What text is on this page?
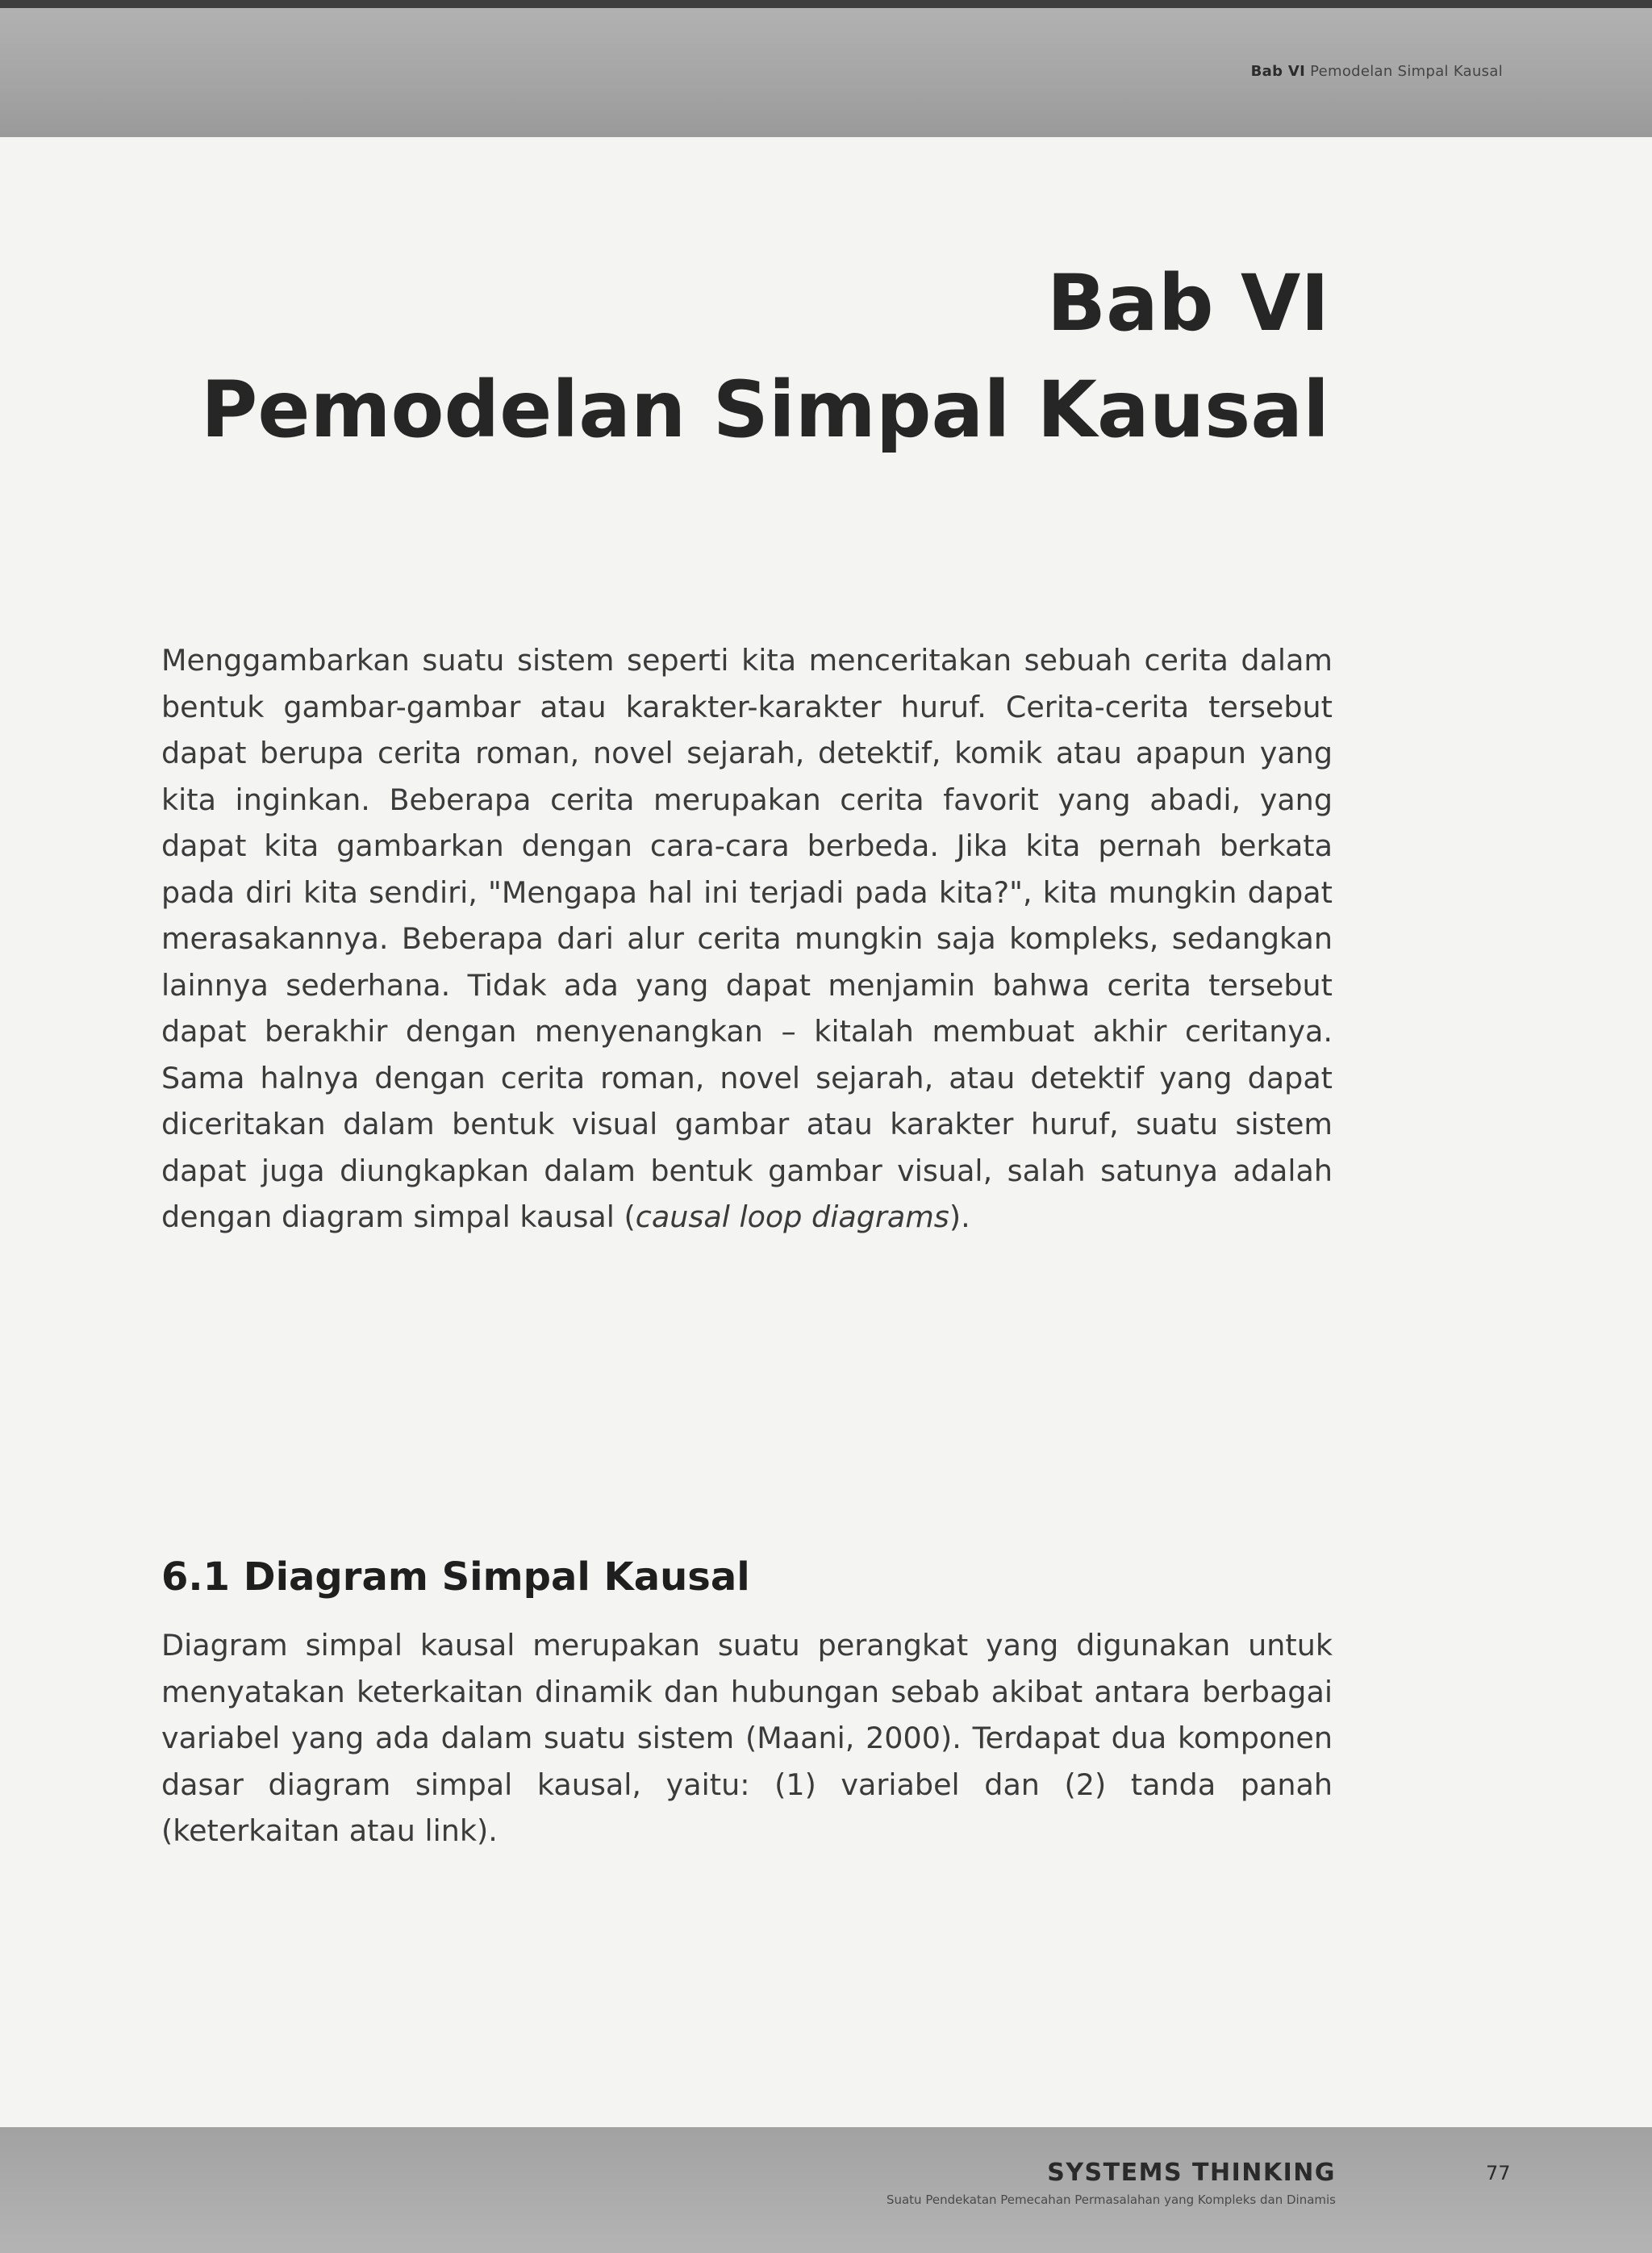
Bab VI Pemodelan Simpal Kausal
Bab VI
Pemodelan Simpal Kausal

Menggambarkan suatu sistem seperti kita menceritakan sebuah cerita dalam bentuk gambar-gambar atau karakter-karakter huruf. Cerita-cerita tersebut dapat berupa cerita roman, novel sejarah, detektif, komik atau apapun yang kita inginkan. Beberapa cerita merupakan cerita favorit yang abadi, yang dapat kita gambarkan dengan cara-cara berbeda. Jika kita pernah berkata pada diri kita sendiri, "Mengapa hal ini terjadi pada kita?", kita mungkin dapat merasakannya. Beberapa dari alur cerita mungkin saja kompleks, sedangkan lainnya sederhana. Tidak ada yang dapat menjamin bahwa cerita tersebut dapat berakhir dengan menyenangkan – kitalah membuat akhir ceritanya. Sama halnya dengan cerita roman, novel sejarah, atau detektif yang dapat diceritakan dalam bentuk visual gambar atau karakter huruf, suatu sistem dapat juga diungkapkan dalam bentuk gambar visual, salah satunya adalah dengan diagram simpal kausal (causal loop diagrams).

6.1 Diagram Simpal Kausal

Diagram simpal kausal merupakan suatu perangkat yang digunakan untuk menyatakan keterkaitan dinamik dan hubungan sebab akibat antara berbagai variabel yang ada dalam suatu sistem (Maani, 2000). Terdapat dua komponen dasar diagram simpal kausal, yaitu: (1) variabel dan (2) tanda panah (keterkaitan atau link).

SYSTEMS THINKING
Suatu Pendekatan Pemecahan Permasalahan yang Kompleks dan Dinamis
77
